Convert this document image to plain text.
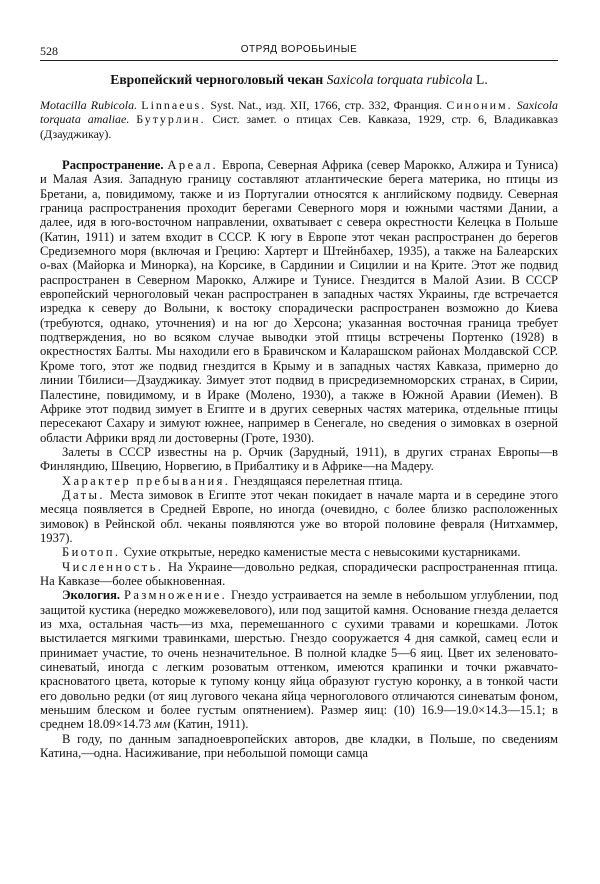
528	ОТРЯД ВОРОБЬИНЫЕ
Европейский черноголовый чекан Saxicola torquata rubicola L.

Motacilla Rubicola. Linnaeus. Syst. Nat., изд. XII, 1766, стр. 332, Франция. Синоним. Saxicola torquata amaliae. Бутурлин. Сист. замет. о птицах Сев. Кавказа, 1929, стр. 6, Владикавказ (Дзауджикау).

Распространение. Ареал. Европа, Северная Африка (север Марокко, Алжира и Туниса) и Малая Азия. Западную границу составляют атлантические берега материка, но птицы из Бретани, а, повидимому, также и из Португалии относятся к английскому подвиду. Северная граница распространения проходит берегами Северного моря и южными частями Дании, а далее, идя в юго-восточном направлении, охватывает с севера окрестности Келецка в Польше (Катин, 1911) и затем входит в СССР. К югу в Европе этот чекан распространен до берегов Средиземного моря (включая и Грецию: Хартерт и Штейнбахер, 1935), а также на Балеарских о-вах (Майорка и Минорка), на Корсике, в Сардинии и Сицилии и на Крите. Этот же подвид распространен в Северном Марокко, Алжире и Тунисе. Гнездится в Малой Азии. В СССР европейский черноголовый чекан распространен в западных частях Украины, где встречается изредка к северу до Волыни, к востоку спорадически распространен возможно до Киева (требуются, однако, уточнения) и на юг до Херсона; указанная восточная граница требует подтверждения, но во всяком случае выводки этой птицы встречены Портенко (1928) в окрестностях Балты. Мы находили его в Бравичском и Каларашском районах Молдавской ССР. Кроме того, этот же подвид гнездится в Крыму и в западных частях Кавказа, примерно до линии Тбилиси—Дзауджикау. Зимует этот подвид в присредиземноморских странах, в Сирии, Палестине, повидимому, и в Ираке (Молено, 1930), а также в Южной Аравии (Иемен). В Африке этот подвид зимует в Египте и в других северных частях материка, отдельные птицы пересекают Сахару и зимуют южнее, например в Сенегале, но сведения о зимовках в озерной области Африки вряд ли достоверны (Гроте, 1930).

Залеты в СССР известны на р. Орчик (Зарудный, 1911), в других странах Европы—в Финляндию, Швецию, Норвегию, в Прибалтику и в Африке—на Мадеру.

Характер пребывания. Гнездящаяся перелетная птица.

Даты. Места зимовок в Египте этот чекан покидает в начале марта и в середине этого месяца появляется в Средней Европе, но иногда (очевидно, с более близко расположенных зимовок) в Рейнской обл. чеканы появляются уже во второй половине февраля (Нитхаммер, 1937).

Биотоп. Сухие открытые, нередко каменистые места с невысокими кустарниками.

Численность. На Украине—довольно редкая, спорадически распространенная птица. На Кавказе—более обыкновенная.

Экология. Размножение. Гнездо устраивается на земле в небольшом углублении, под защитой кустика (нередко можжевелового), или под защитой камня. Основание гнезда делается из мха, остальная часть—из мха, перемешанного с сухими травами и корешками. Лоток выстилается мягкими травинками, шерстью. Гнездо сооружается 4 дня самкой, самец если и принимает участие, то очень незначительное. В полной кладке 5—6 яиц. Цвет их зеленовато-синеватый, иногда с легким розоватым оттенком, имеются крапинки и точки ржавчато-красноватого цвета, которые к тупому концу яйца образуют густую коронку, а в тонкой части его довольно редки (от яиц лугового чекана яйца черноголового отличаются синеватым фоном, меньшим блеском и более густым опятнением). Размер яиц: (10) 16.9—19.0×14.3—15.1; в среднем 18.09×14.73 мм (Катин, 1911).

В году, по данным западноевропейских авторов, две кладки, в Польше, по сведениям Катина,—одна. Насиживание, при небольшой помощи самца
